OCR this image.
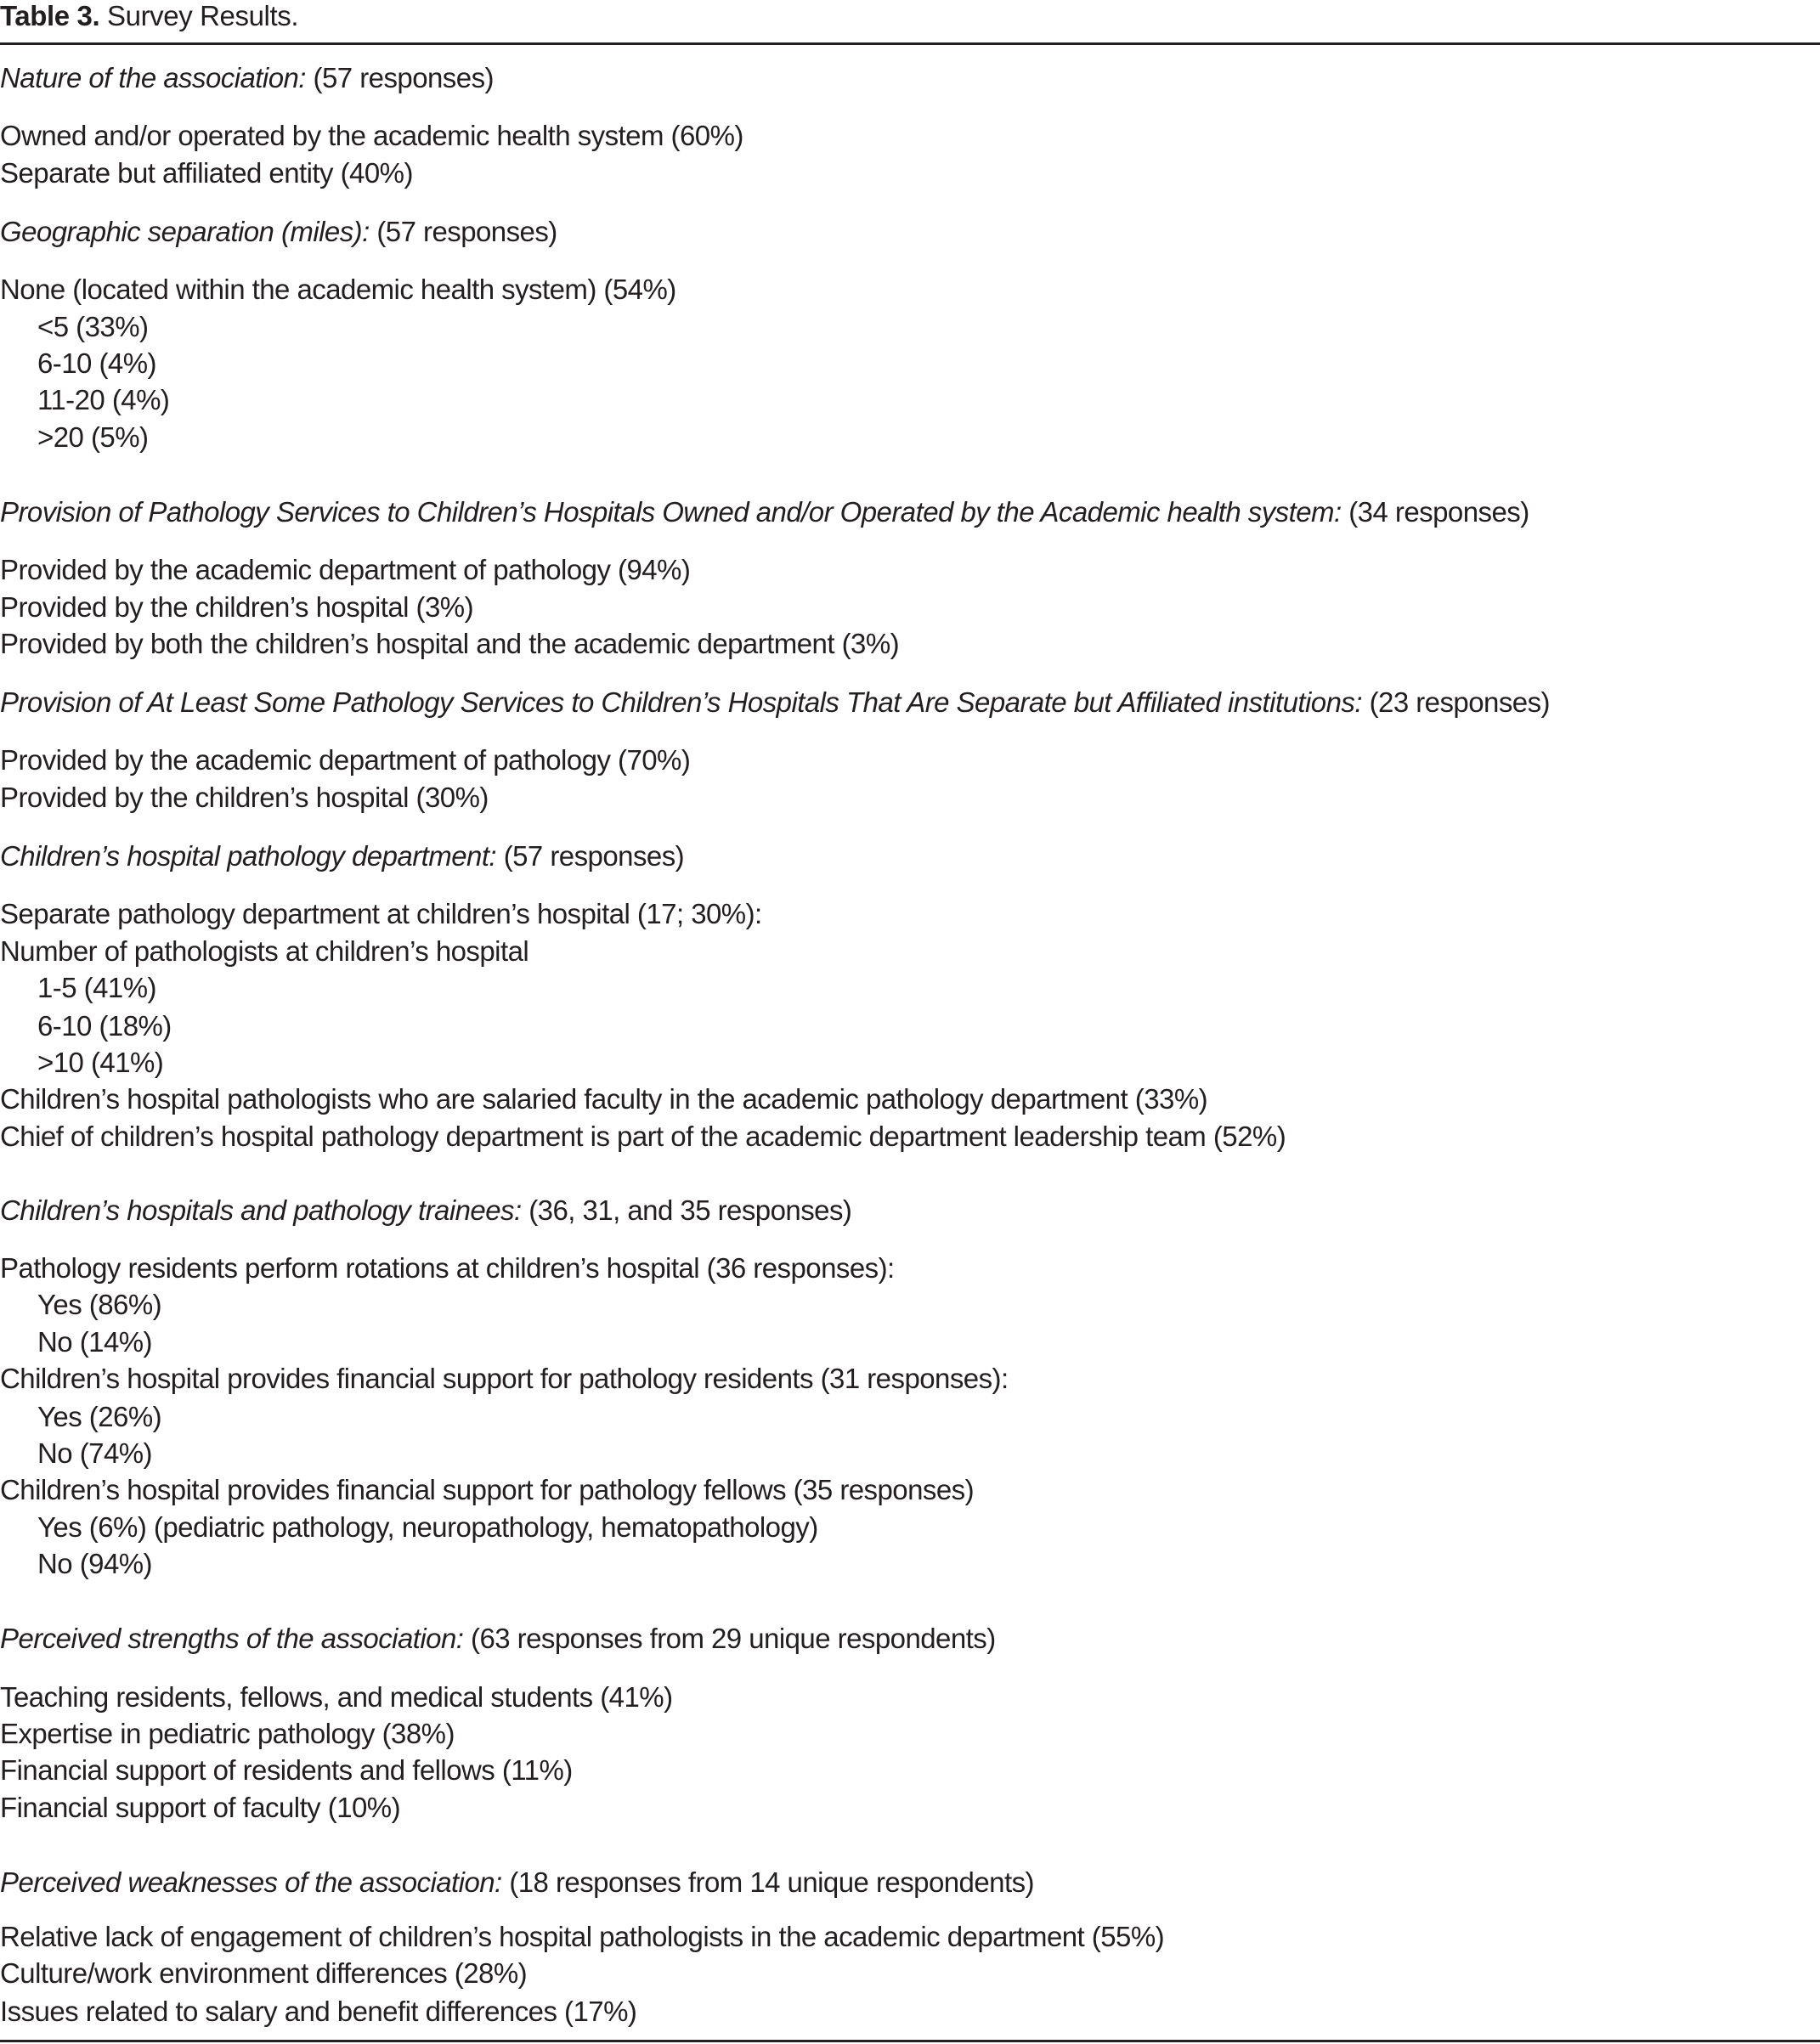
Table 3. Survey Results.
Nature of the association: (57 responses)
Owned and/or operated by the academic health system (60%)
Separate but affiliated entity (40%)
Geographic separation (miles): (57 responses)
None (located within the academic health system) (54%)
<5 (33%)
6-10 (4%)
11-20 (4%)
>20 (5%)
Provision of Pathology Services to Children’s Hospitals Owned and/or Operated by the Academic health system: (34 responses)
Provided by the academic department of pathology (94%)
Provided by the children’s hospital (3%)
Provided by both the children’s hospital and the academic department (3%)
Provision of At Least Some Pathology Services to Children’s Hospitals That Are Separate but Affiliated institutions: (23 responses)
Provided by the academic department of pathology (70%)
Provided by the children’s hospital (30%)
Children’s hospital pathology department: (57 responses)
Separate pathology department at children’s hospital (17; 30%):
Number of pathologists at children’s hospital
1-5 (41%)
6-10 (18%)
>10 (41%)
Children’s hospital pathologists who are salaried faculty in the academic pathology department (33%)
Chief of children’s hospital pathology department is part of the academic department leadership team (52%)
Children’s hospitals and pathology trainees: (36, 31, and 35 responses)
Pathology residents perform rotations at children’s hospital (36 responses):
Yes (86%)
No (14%)
Children’s hospital provides financial support for pathology residents (31 responses):
Yes (26%)
No (74%)
Children’s hospital provides financial support for pathology fellows (35 responses)
Yes (6%) (pediatric pathology, neuropathology, hematopathology)
No (94%)
Perceived strengths of the association: (63 responses from 29 unique respondents)
Teaching residents, fellows, and medical students (41%)
Expertise in pediatric pathology (38%)
Financial support of residents and fellows (11%)
Financial support of faculty (10%)
Perceived weaknesses of the association: (18 responses from 14 unique respondents)
Relative lack of engagement of children’s hospital pathologists in the academic department (55%)
Culture/work environment differences (28%)
Issues related to salary and benefit differences (17%)
